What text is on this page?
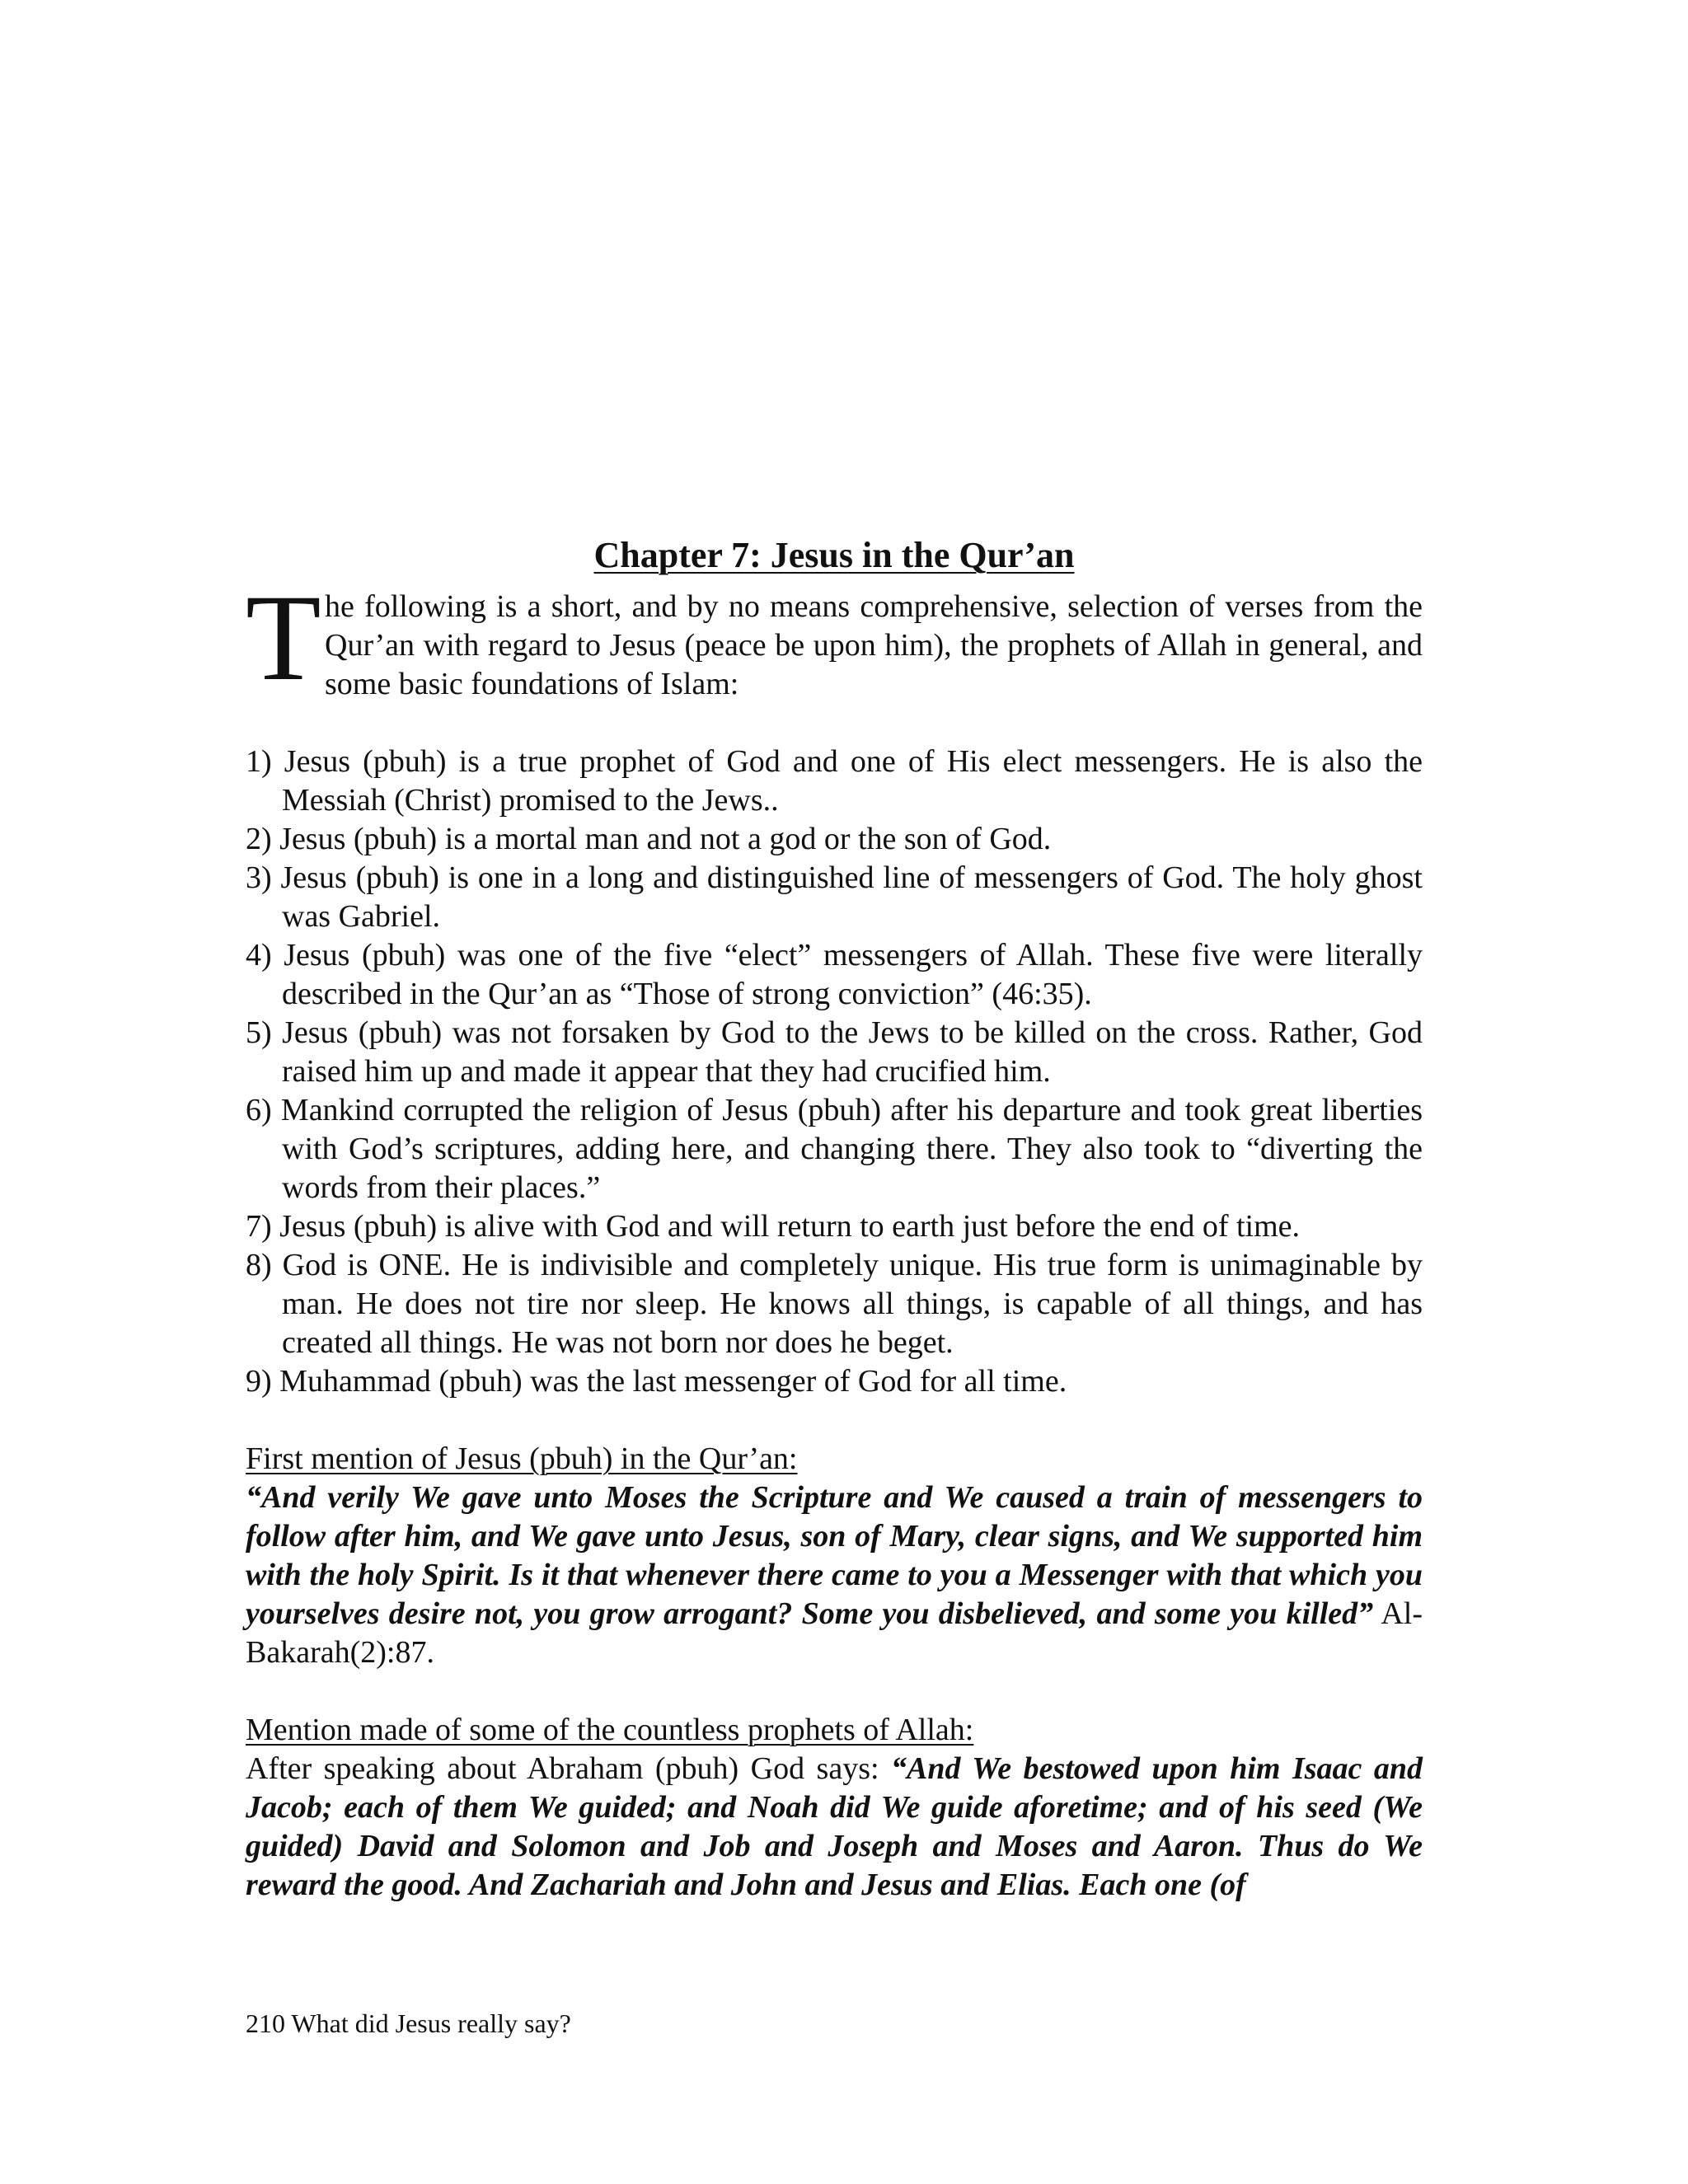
Chapter 7: Jesus in the Qur’an

T he following is a short, and by no means comprehensive, selection of verses from the Qur’an with regard to Jesus (peace be upon him), the prophets of Allah in general, and some basic foundations of Islam:

1) Jesus (pbuh) is a true prophet of God and one of His elect messengers. He is also the Messiah (Christ) promised to the Jews..
2) Jesus (pbuh) is a mortal man and not a god or the son of God.
3) Jesus (pbuh) is one in a long and distinguished line of messengers of God. The holy ghost was Gabriel.
4) Jesus (pbuh) was one of the five “elect” messengers of Allah. These five were literally described in the Qur’an as “Those of strong conviction” (46:35).
5) Jesus (pbuh) was not forsaken by God to the Jews to be killed on the cross. Rather, God raised him up and made it appear that they had crucified him.
6) Mankind corrupted the religion of Jesus (pbuh) after his departure and took great liberties with God’s scriptures, adding here, and changing there. They also took to “diverting the words from their places.”
7) Jesus (pbuh) is alive with God and will return to earth just before the end of time.
8) God is ONE. He is indivisible and completely unique. His true form is unimaginable by man. He does not tire nor sleep. He knows all things, is capable of all things, and has created all things. He was not born nor does he beget.
9) Muhammad (pbuh) was the last messenger of God for all time.
First mention of Jesus (pbuh) in the Qur’an:
“And verily We gave unto Moses the Scripture and We caused a train of messengers to follow after him, and We gave unto Jesus, son of Mary, clear signs, and We supported him with the holy Spirit. Is it that whenever there came to you a Messenger with that which you yourselves desire not, you grow arrogant? Some you disbelieved, and some you killed” Al-Bakarah(2):87.
Mention made of some of the countless prophets of Allah:
After speaking about Abraham (pbuh) God says: “And We bestowed upon him Isaac and Jacob; each of them We guided; and Noah did We guide aforetime; and of his seed (We guided) David and Solomon and Job and Joseph and Moses and Aaron. Thus do We reward the good. And Zachariah and John and Jesus and Elias. Each one (of
210 What did Jesus really say?
